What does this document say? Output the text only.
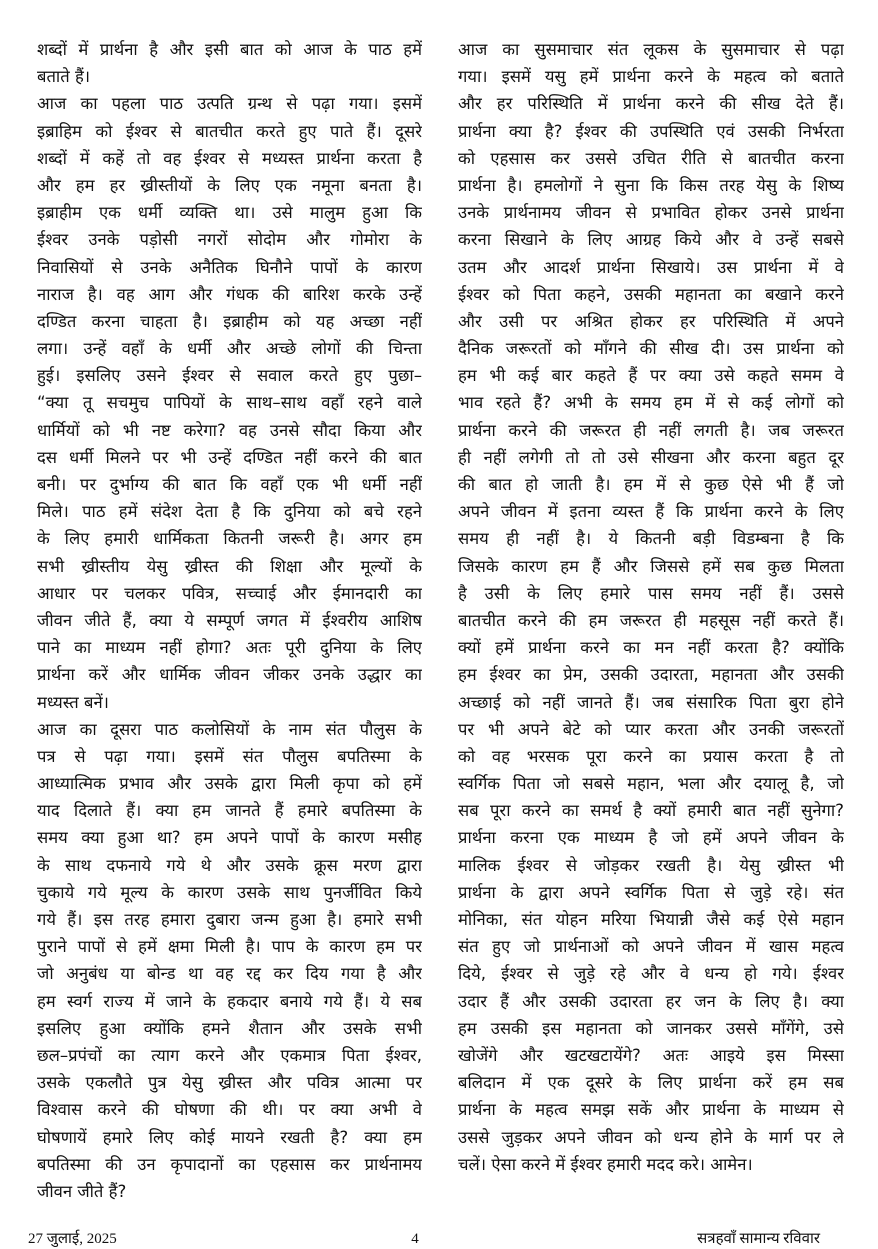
शब्दों में प्रार्थना है और इसी बात को आज के पाठ हमें
बताते हैं।
आज का पहला पाठ उत्पति ग्रन्थ से पढ़ा गया। इसमें
इब्राहिम को ईश्वर से बातचीत करते हुए पाते हैं। दूसरे
शब्दों में कहें तो वह ईश्वर से मध्यस्त प्रार्थना करता है
और हम हर ख्रीस्तीयों के लिए एक नमूना बनता है।
इब्राहीम एक धर्मी व्यक्ति था। उसे मालुम हुआ कि
ईश्वर उनके पड़ोसी नगरों सोदोम और गोमोरा के
निवासियों से उनके अनैतिक घिनौने पापों के कारण
नाराज है। वह आग और गंधक की बारिश करके उन्हें
दण्डित करना चाहता है। इब्राहीम को यह अच्छा नहीं
लगा। उन्हें वहाँ के धर्मी और अच्छे लोगों की चिन्ता
हुई। इसलिए उसने ईश्वर से सवाल करते हुए पुछा–
“क्या तू सचमुच पापियों के साथ–साथ वहाँ रहने वाले
धार्मियों को भी नष्ट करेगा? वह उनसे सौदा किया और
दस धर्मी मिलने पर भी उन्हें दण्डित नहीं करने की बात
बनी। पर दुर्भाग्य की बात कि वहाँ एक भी धर्मी नहीं
मिले। पाठ हमें संदेश देता है कि दुनिया को बचे रहने
के लिए हमारी धार्मिकता कितनी जरूरी है। अगर हम
सभी ख्रीस्तीय येसु ख्रीस्त की शिक्षा और मूल्यों के
आधार पर चलकर पवित्र, सच्चाई और ईमानदारी का
जीवन जीते हैं, क्या ये सम्पूर्ण जगत में ईश्वरीय आशिष
पाने का माध्यम नहीं होगा? अतः पूरी दुनिया के लिए
प्रार्थना करें और धार्मिक जीवन जीकर उनके उद्धार का
मध्यस्त बनें।
आज का दूसरा पाठ कलोसियों के नाम संत पौलुस के
पत्र से पढ़ा गया। इसमें संत पौलुस बपतिस्मा के
आध्यात्मिक प्रभाव और उसके द्वारा मिली कृपा को हमें
याद दिलाते हैं। क्या हम जानते हैं हमारे बपतिस्मा के
समय क्या हुआ था? हम अपने पापों के कारण मसीह
के साथ दफनाये गये थे और उसके क्रूस मरण द्वारा
चुकाये गये मूल्य के कारण उसके साथ पुनर्जीवित किये
गये हैं। इस तरह हमारा दुबारा जन्म हुआ है। हमारे सभी
पुराने पापों से हमें क्षमा मिली है। पाप के कारण हम पर
जो अनुबंध या बोन्ड था वह रद्द कर दिय गया है और
हम स्वर्ग राज्य में जाने के हकदार बनाये गये हैं। ये सब
इसलिए हुआ क्योंकि हमने शैतान और उसके सभी
छल–प्रपंचों का त्याग करने और एकमात्र पिता ईश्वर,
उसके एकलौते पुत्र येसु ख्रीस्त और पवित्र आत्मा पर
विश्वास करने की घोषणा की थी। पर क्या अभी वे
घोषणायें हमारे लिए कोई मायने रखती है? क्या हम
बपतिस्मा की उन कृपादानों का एहसास कर प्रार्थनामय
जीवन जीते हैं?
आज का सुसमाचार संत लूकस के सुसमाचार से पढ़ा
गया। इसमें यसु हमें प्रार्थना करने के महत्व को बताते
और हर परिस्थिति में प्रार्थना करने की सीख देते हैं।
प्रार्थना क्या है? ईश्वर की उपस्थिति एवं उसकी निर्भरता
को एहसास कर उससे उचित रीति से बातचीत करना
प्रार्थना है। हमलोगों ने सुना कि किस तरह येसु के शिष्य
उनके प्रार्थनामय जीवन से प्रभावित होकर उनसे प्रार्थना
करना सिखाने के लिए आग्रह किये और वे उन्हें सबसे
उतम और आदर्श प्रार्थना सिखाये। उस प्रार्थना में वे
ईश्वर को पिता कहने, उसकी महानता का बखाने करने
और उसी पर अश्रित होकर हर परिस्थिति में अपने
दैनिक जरूरतों को माँगने की सीख दी। उस प्रार्थना को
हम भी कई बार कहते हैं पर क्या उसे कहते समम वे
भाव रहते हैं? अभी के समय हम में से कई लोगों को
प्रार्थना करने की जरूरत ही नहीं लगती है। जब जरूरत
ही नहीं लगेगी तो तो उसे सीखना और करना बहुत दूर
की बात हो जाती है। हम में से कुछ ऐसे भी हैं जो
अपने जीवन में इतना व्यस्त हैं कि प्रार्थना करने के लिए
समय ही नहीं है। ये कितनी बड़ी विडम्बना है कि
जिसके कारण हम हैं और जिससे हमें सब कुछ मिलता
है उसी के लिए हमारे पास समय नहीं हैं। उससे
बातचीत करने की हम जरूरत ही महसूस नहीं करते हैं।
क्यों हमें प्रार्थना करने का मन नहीं करता है? क्योंकि
हम ईश्वर का प्रेम, उसकी उदारता, महानता और उसकी
अच्छाई को नहीं जानते हैं। जब संसारिक पिता बुरा होने
पर भी अपने बेटे को प्यार करता और उनकी जरूरतों
को वह भरसक पूरा करने का प्रयास करता है तो
स्वर्गिक पिता जो सबसे महान, भला और दयालू है, जो
सब पूरा करने का समर्थ है क्यों हमारी बात नहीं सुनेगा?
प्रार्थना करना एक माध्यम है जो हमें अपने जीवन के
मालिक ईश्वर से जोड़कर रखती है। येसु ख्रीस्त भी
प्रार्थना के द्वारा अपने स्वर्गिक पिता से जुड़े रहे। संत
मोनिका, संत योहन मरिया भियान्नी जैसे कई ऐसे महान
संत हुए जो प्रार्थनाओं को अपने जीवन में खास महत्व
दिये, ईश्वर से जुड़े रहे और वे धन्य हो गये। ईश्वर
उदार हैं और उसकी उदारता हर जन के लिए है। क्या
हम उसकी इस महानता को जानकर उससे माँगेंगे, उसे
खोजेंगे और खटखटायेंगे? अतः आइये इस मिस्सा
बलिदान में एक दूसरे के लिए प्रार्थना करें हम सब
प्रार्थना के महत्व समझ सकें और प्रार्थना के माध्यम से
उससे जुड़कर अपने जीवन को धन्य होने के मार्ग पर ले
चलें। ऐसा करने में ईश्वर हमारी मदद करे। आमेन।
27 जुलाई, 2025	4	सत्रहवाँ सामान्य रविवार
